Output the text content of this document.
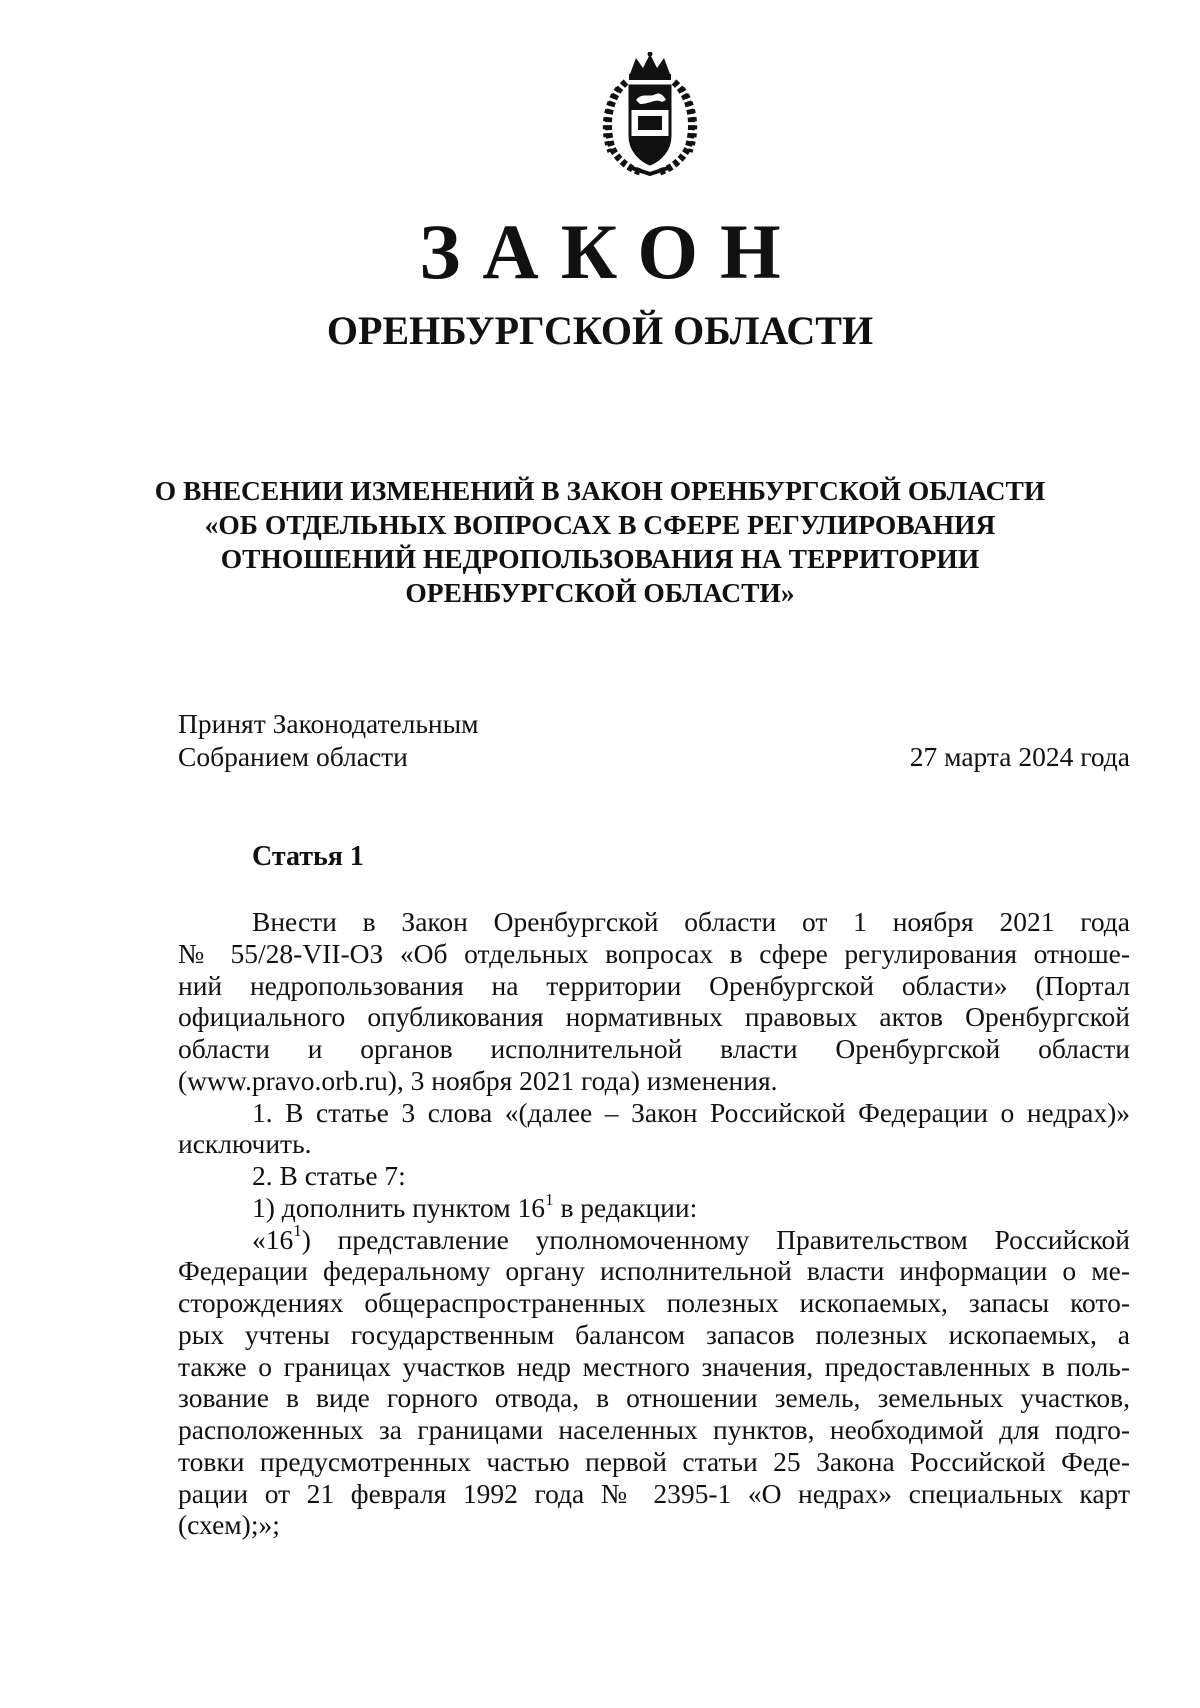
ЗАКОН
ОРЕНБУРГСКОЙ ОБЛАСТИ
О ВНЕСЕНИИ ИЗМЕНЕНИЙ В ЗАКОН ОРЕНБУРГСКОЙ ОБЛАСТИ
«ОБ ОТДЕЛЬНЫХ ВОПРОСАХ В СФЕРЕ РЕГУЛИРОВАНИЯ
ОТНОШЕНИЙ НЕДРОПОЛЬЗОВАНИЯ НА ТЕРРИТОРИИ
ОРЕНБУРГСКОЙ ОБЛАСТИ»
Принят Законодательным
Собранием области	27 марта 2024 года
Статья 1
Внести в Закон Оренбургской области от 1 ноября 2021 года
№ 55/28-VII-ОЗ «Об отдельных вопросах в сфере регулирования отноше-
ний недропользования на территории Оренбургской области» (Портал
официального опубликования нормативных правовых актов Оренбургской
области и органов исполнительной власти Оренбургской области
(www.pravo.orb.ru), 3 ноября 2021 года) изменения.
1. В статье 3 слова «(далее – Закон Российской Федерации о недрах)»
исключить.
2. В статье 7:
1) дополнить пунктом $16^1$ в редакции:
«$16^1$) представление уполномоченному Правительством Российской
Федерации федеральному органу исполнительной власти информации о ме-
сторождениях общераспространенных полезных ископаемых, запасы кото-
рых учтены государственным балансом запасов полезных ископаемых, а
также о границах участков недр местного значения, предоставленных в поль-
зование в виде горного отвода, в отношении земель, земельных участков,
расположенных за границами населенных пунктов, необходимой для подго-
товки предусмотренных частью первой статьи 25 Закона Российской Феде-
рации от 21 февраля 1992 года № 2395-1 «О недрах» специальных карт
(схем);»;
